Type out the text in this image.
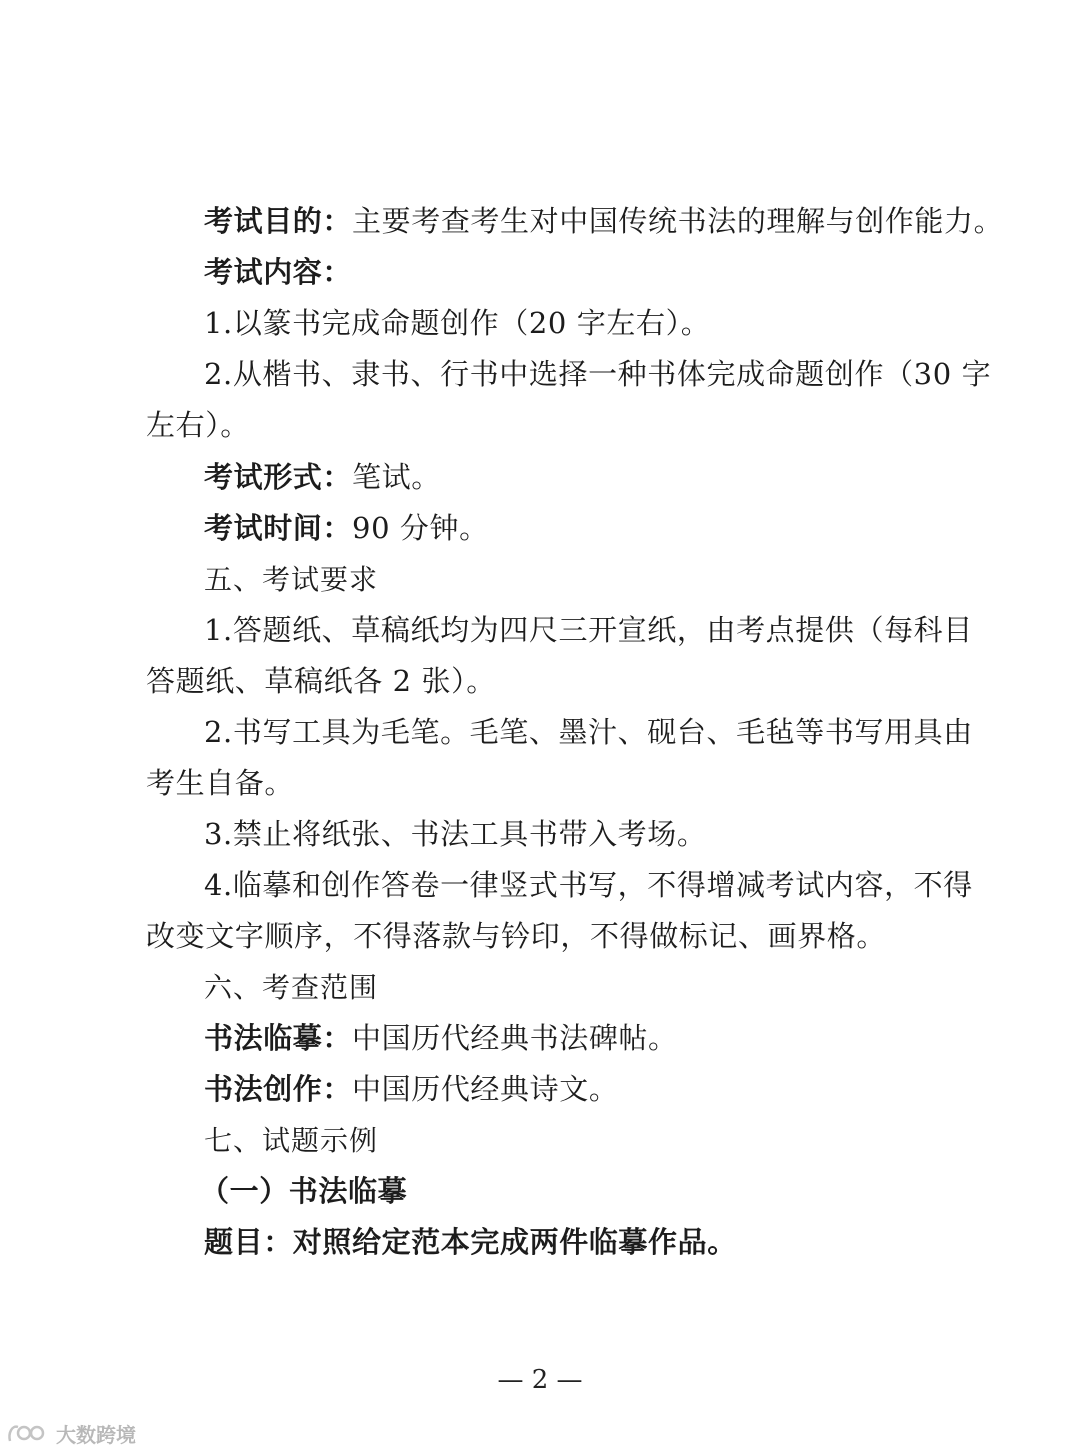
考试目的：主要考查考生对中国传统书法的理解与创作能力。
考试内容：
1.以篆书完成命题创作（20 字左右）。
2.从楷书、隶书、行书中选择一种书体完成命题创作（30 字
左右）。
考试形式：笔试。
考试时间：90 分钟。
五、考试要求
1.答题纸、草稿纸均为四尺三开宣纸，由考点提供（每科目
答题纸、草稿纸各 2 张）。
2.书写工具为毛笔。毛笔、墨汁、砚台、毛毡等书写用具由
考生自备。
3.禁止将纸张、书法工具书带入考场。
4.临摹和创作答卷一律竖式书写，不得增减考试内容，不得
改变文字顺序，不得落款与钤印，不得做标记、画界格。
六、考查范围
书法临摹：中国历代经典书法碑帖。
书法创作：中国历代经典诗文。
七、试题示例
（一）书法临摹
题目：对照给定范本完成两件临摹作品。
— 2 —
大数跨境
